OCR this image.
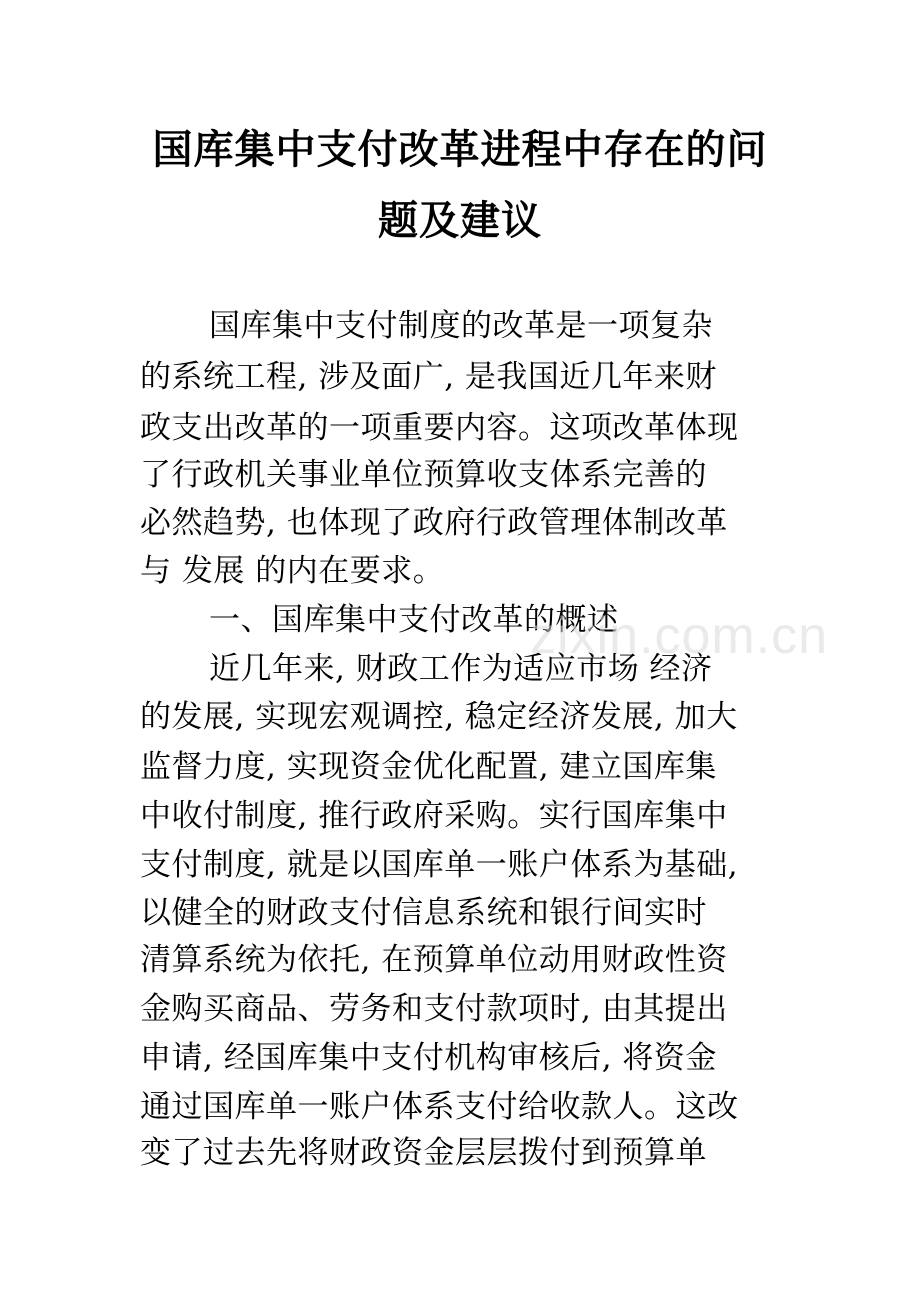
国库集中支付改革进程中存在的问
题及建议
国库集中支付制度的改革是一项复杂
的系统工程, 涉及面广, 是我国近几年来财
政支出改革的一项重要内容。这项改革体现
了行政机关事业单位预算收支体系完善的
必然趋势, 也体现了政府行政管理体制改革
与 发展 的内在要求。
一、国库集中支付改革的概述
近几年来, 财政工作为适应市场 经济
的发展, 实现宏观调控, 稳定经济发展, 加大
监督力度, 实现资金优化配置, 建立国库集
中收付制度, 推行政府采购。实行国库集中
支付制度, 就是以国库单一账户体系为基础,
以健全的财政支付信息系统和银行间实时
清算系统为依托, 在预算单位动用财政性资
金购买商品、劳务和支付款项时, 由其提出
申请, 经国库集中支付机构审核后, 将资金
通过国库单一账户体系支付给收款人。这改
变了过去先将财政资金层层拨付到预算单
zixin.com.cn
